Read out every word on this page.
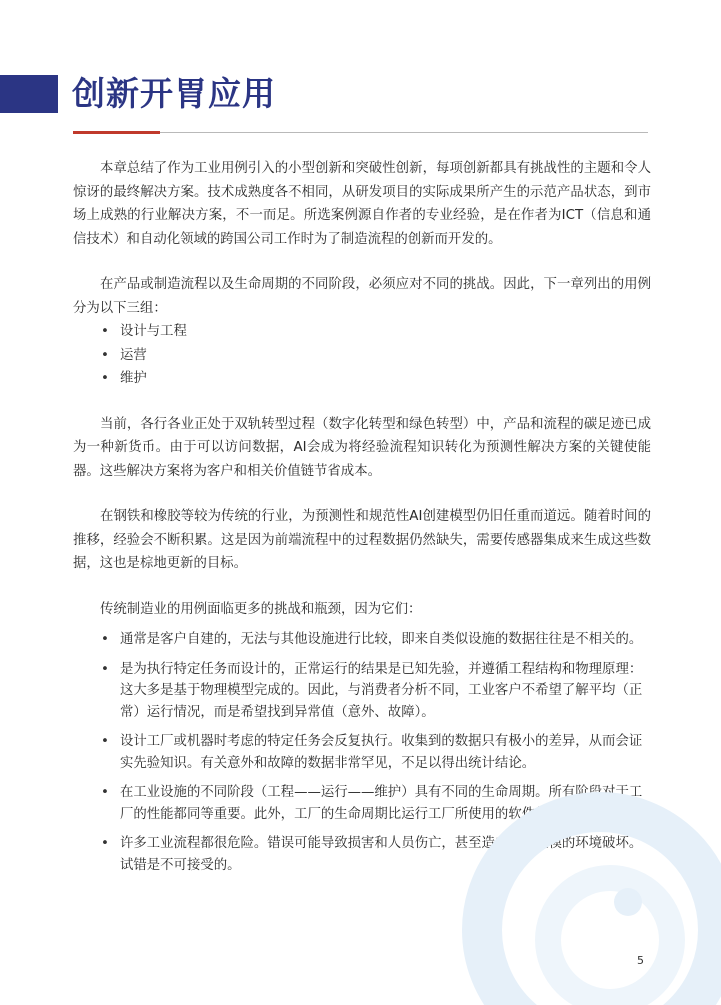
创新开胃应用

本章总结了作为工业用例引入的小型创新和突破性创新，每项创新都具有挑战性的主题和令人惊讶的最终解决方案。技术成熟度各不相同，从研发项目的实际成果所产生的示范产品状态，到市场上成熟的行业解决方案，不一而足。所选案例源自作者的专业经验，是在作者为ICT（信息和通信技术）和自动化领域的跨国公司工作时为了制造流程的创新而开发的。

在产品或制造流程以及生命周期的不同阶段，必须应对不同的挑战。因此，下一章列出的用例分为以下三组：

• 设计与工程
• 运营
• 维护

当前，各行各业正处于双轨转型过程（数字化转型和绿色转型）中，产品和流程的碳足迹已成为一种新货币。由于可以访问数据，AI会成为将经验流程知识转化为预测性解决方案的关键使能器。这些解决方案将为客户和相关价值链节省成本。

在钢铁和橡胶等较为传统的行业，为预测性和规范性AI创建模型仍旧任重而道远。随着时间的推移，经验会不断积累。这是因为前端流程中的过程数据仍然缺失，需要传感器集成来生成这些数据，这也是棕地更新的目标。

传统制造业的用例面临更多的挑战和瓶颈，因为它们：

• 通常是客户自建的，无法与其他设施进行比较，即来自类似设施的数据往往是不相关的。
• 是为执行特定任务而设计的，正常运行的结果是已知先验，并遵循工程结构和物理原理：这大多是基于物理模型完成的。因此，与消费者分析不同，工业客户不希望了解平均（正常）运行情况，而是希望找到异常值（意外、故障）。
• 设计工厂或机器时考虑的特定任务会反复执行。收集到的数据只有极小的差异，从而会证实先验知识。有关意外和故障的数据非常罕见，不足以得出统计结论。
• 在工业设施的不同阶段（工程——运行——维护）具有不同的生命周期。所有阶段对于工厂的性能都同等重要。此外，工厂的生命周期比运行工厂所使用的软件的生命周期更长。
• 许多工业流程都很危险。错误可能导致损害和人员伤亡，甚至造成更大规模的环境破坏。试错是不可接受的。
5
